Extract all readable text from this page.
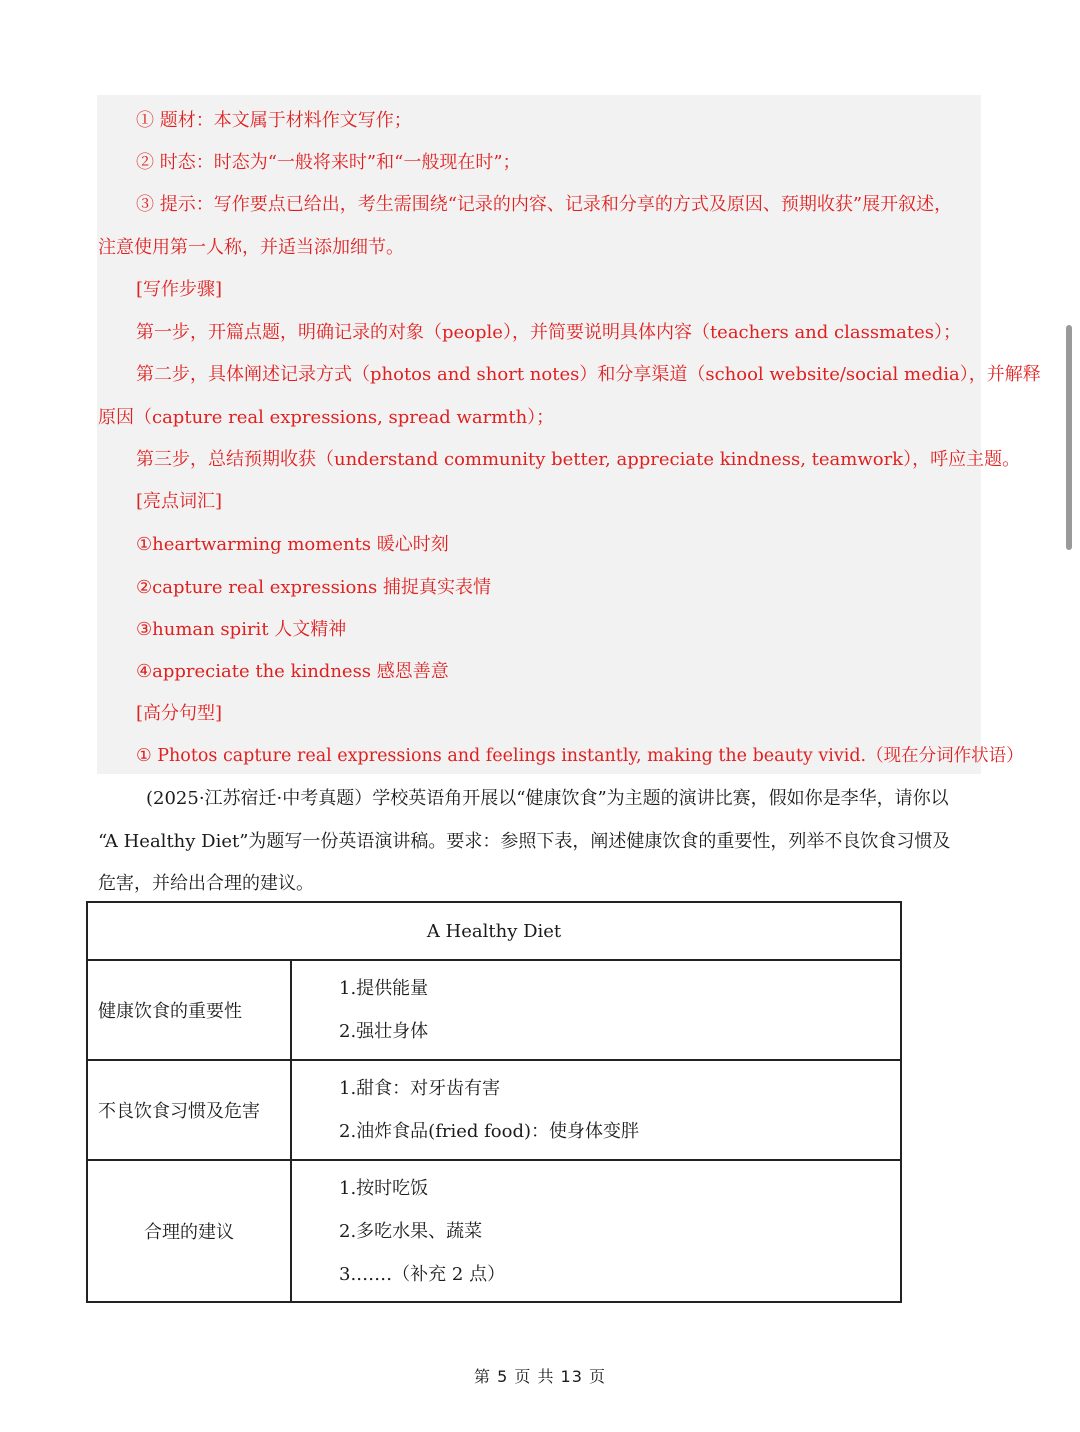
① 题材：本文属于材料作文写作；
② 时态：时态为“一般将来时”和“一般现在时”；
③ 提示：写作要点已给出，考生需围绕“记录的内容、记录和分享的方式及原因、预期收获”展开叙述，
注意使用第一人称，并适当添加细节。
[写作步骤]
第一步，开篇点题，明确记录的对象（people），并简要说明具体内容（teachers and classmates）；
第二步，具体阐述记录方式（photos and short notes）和分享渠道（school website/social media），并解释
原因（capture real expressions, spread warmth）；
第三步，总结预期收获（understand community better, appreciate kindness, teamwork），呼应主题。
[亮点词汇]
①heartwarming moments 暖心时刻
②capture real expressions 捕捉真实表情
③human spirit 人文精神
④appreciate the kindness 感恩善意
[高分句型]
① Photos capture real expressions and feelings instantly, making the beauty vivid.（现在分词作状语）
(2025·江苏宿迁·中考真题）学校英语角开展以“健康饮食”为主题的演讲比赛，假如你是李华，请你以
“A Healthy Diet”为题写一份英语演讲稿。要求：参照下表，阐述健康饮食的重要性，列举不良饮食习惯及
危害，并给出合理的建议。
A Healthy Diet	
健康饮食的重要性	1.提供能量
2.强壮身体

不良饮食习惯及危害	1.甜食：对牙齿有害
2.油炸食品(fried food)：使身体变胖

合理的建议	1.按时吃饭
2.多吃水果、蔬菜
3.……（补充 2 点）
第 5 页 共 13 页
